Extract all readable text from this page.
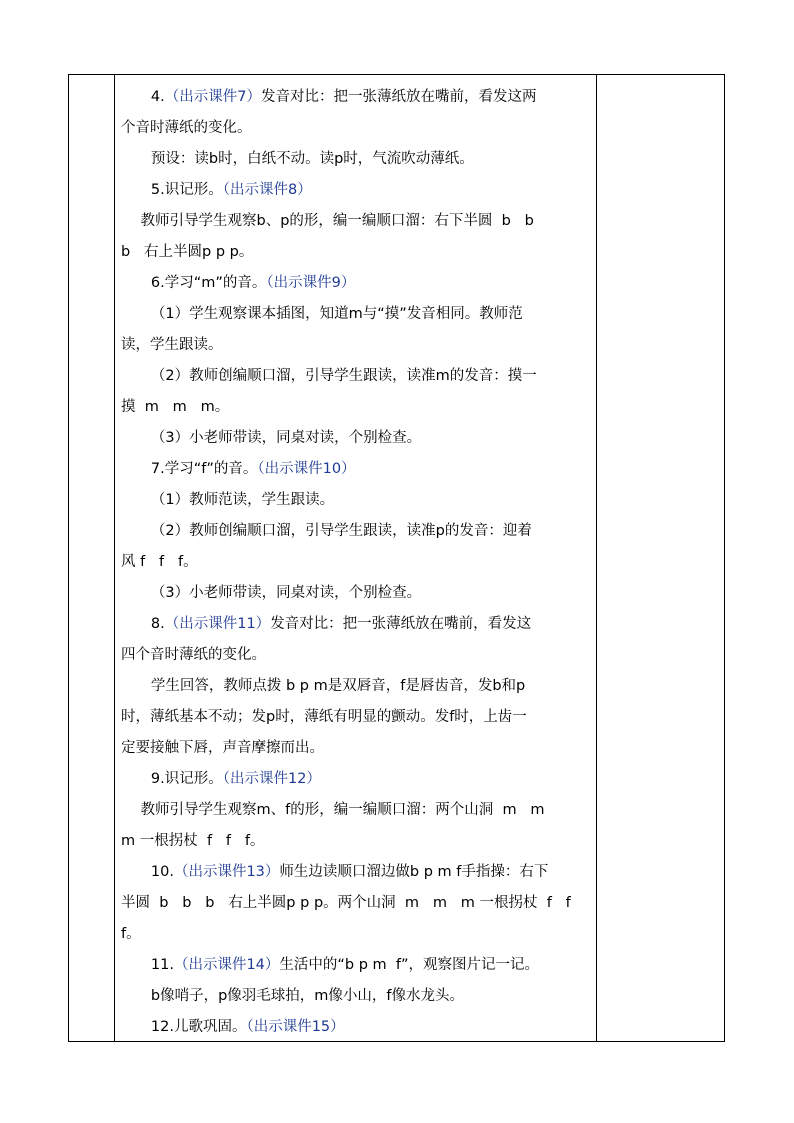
4.（出示课件7）发音对比：把一张薄纸放在嘴前，看发这两
个音时薄纸的变化。
预设：读b时，白纸不动。读p时，气流吹动薄纸。
5.识记形。（出示课件8）
教师引导学生观察b、p的形，编一编顺口溜：右下半圆  b   b
b   右上半圆p p p。
6.学习“m”的音。（出示课件9）
（1）学生观察课本插图，知道m与“摸”发音相同。教师范
读，学生跟读。
（2）教师创编顺口溜，引导学生跟读，读准m的发音：摸一
摸  m   m   m。
（3）小老师带读，同桌对读，个别检查。
7.学习“f”的音。（出示课件10）
（1）教师范读，学生跟读。
（2）教师创编顺口溜，引导学生跟读，读准p的发音：迎着
风 f   f   f。
（3）小老师带读，同桌对读，个别检查。
8.（出示课件11）发音对比：把一张薄纸放在嘴前，看发这
四个音时薄纸的变化。
学生回答，教师点拨 b p m是双唇音，f是唇齿音，发b和p
时，薄纸基本不动；发p时，薄纸有明显的颤动。发f时，上齿一
定要接触下唇，声音摩擦而出。
9.识记形。（出示课件12）
教师引导学生观察m、f的形，编一编顺口溜：两个山洞  m   m
m 一根拐杖  f   f   f。
10.（出示课件13）师生边读顺口溜边做b p m f手指操：右下
半圆  b   b   b   右上半圆p p p。两个山洞  m   m   m 一根拐杖  f   f
f。
11.（出示课件14）生活中的“b p m  f”，观察图片记一记。
b像哨子，p像羽毛球拍，m像小山，f像水龙头。
12.儿歌巩固。（出示课件15）
